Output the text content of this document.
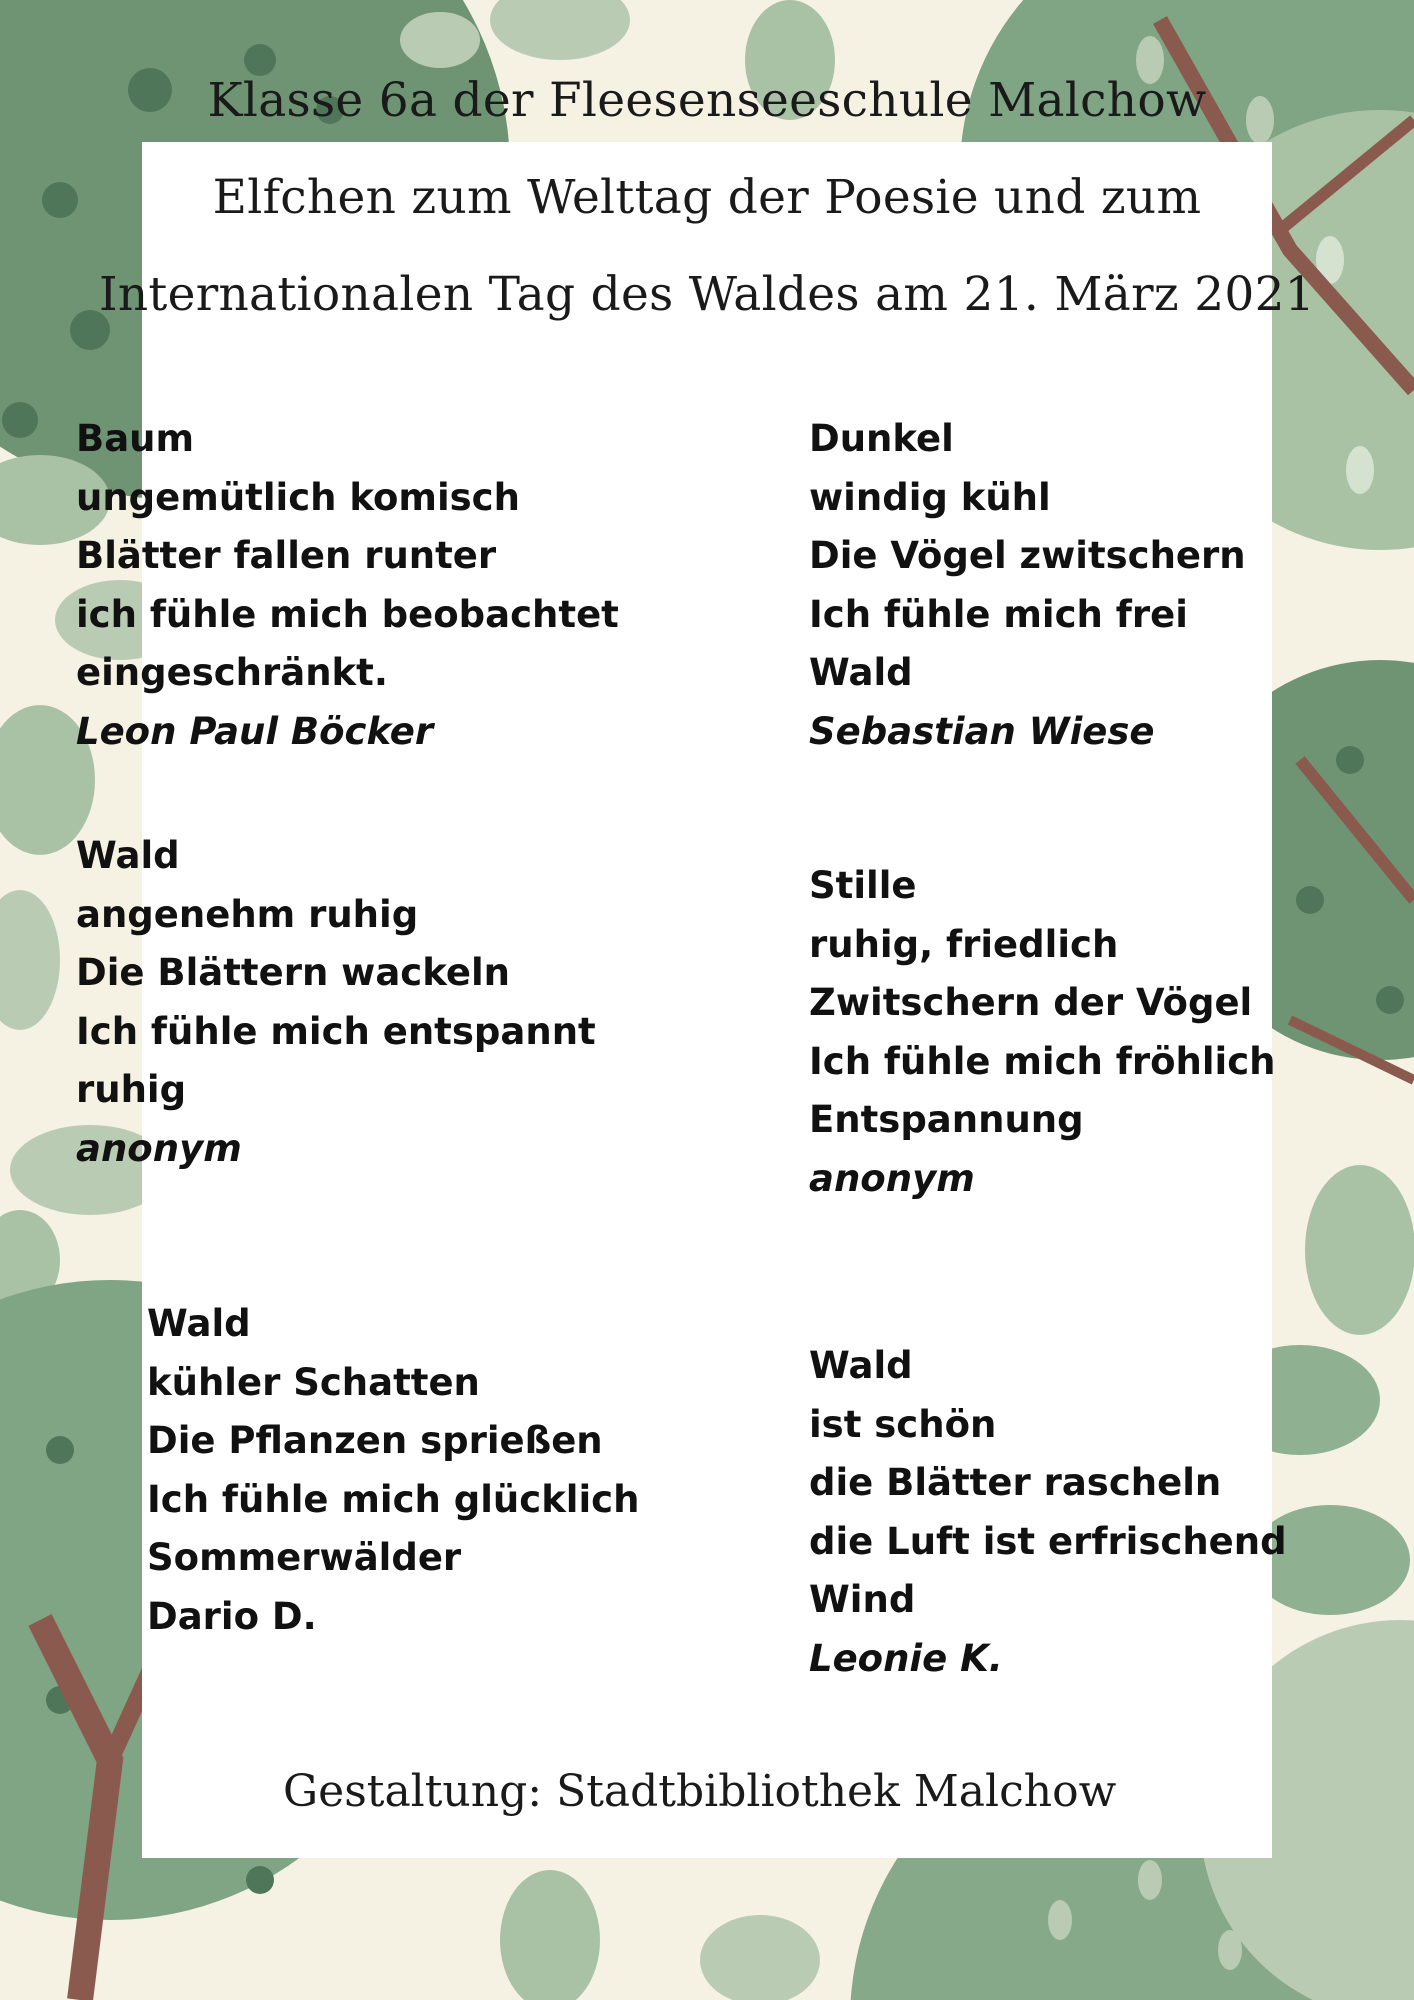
Klasse 6a der Fleesenseeschule Malchow
Elfchen zum Welttag der Poesie und zum
Internationalen Tag des Waldes am 21. März 2021
Baum
ungemütlich komisch
Blätter fallen runter
ich fühle mich beobachtet
eingeschränkt.
Leon Paul Böcker
Dunkel
windig kühl
Die Vögel zwitschern
Ich fühle mich frei
Wald
Sebastian Wiese
Wald
angenehm ruhig
Die Blättern wackeln
Ich fühle mich entspannt
ruhig
anonym
Stille
ruhig, friedlich
Zwitschern der Vögel
Ich fühle mich fröhlich
Entspannung
anonym
Wald
kühler Schatten
Die Pflanzen sprießen
Ich fühle mich glücklich
Sommerwälder
Dario D.
Wald
ist schön
die Blätter rascheln
die Luft ist erfrischend
Wind
Leonie K.
Gestaltung: Stadtbibliothek Malchow
